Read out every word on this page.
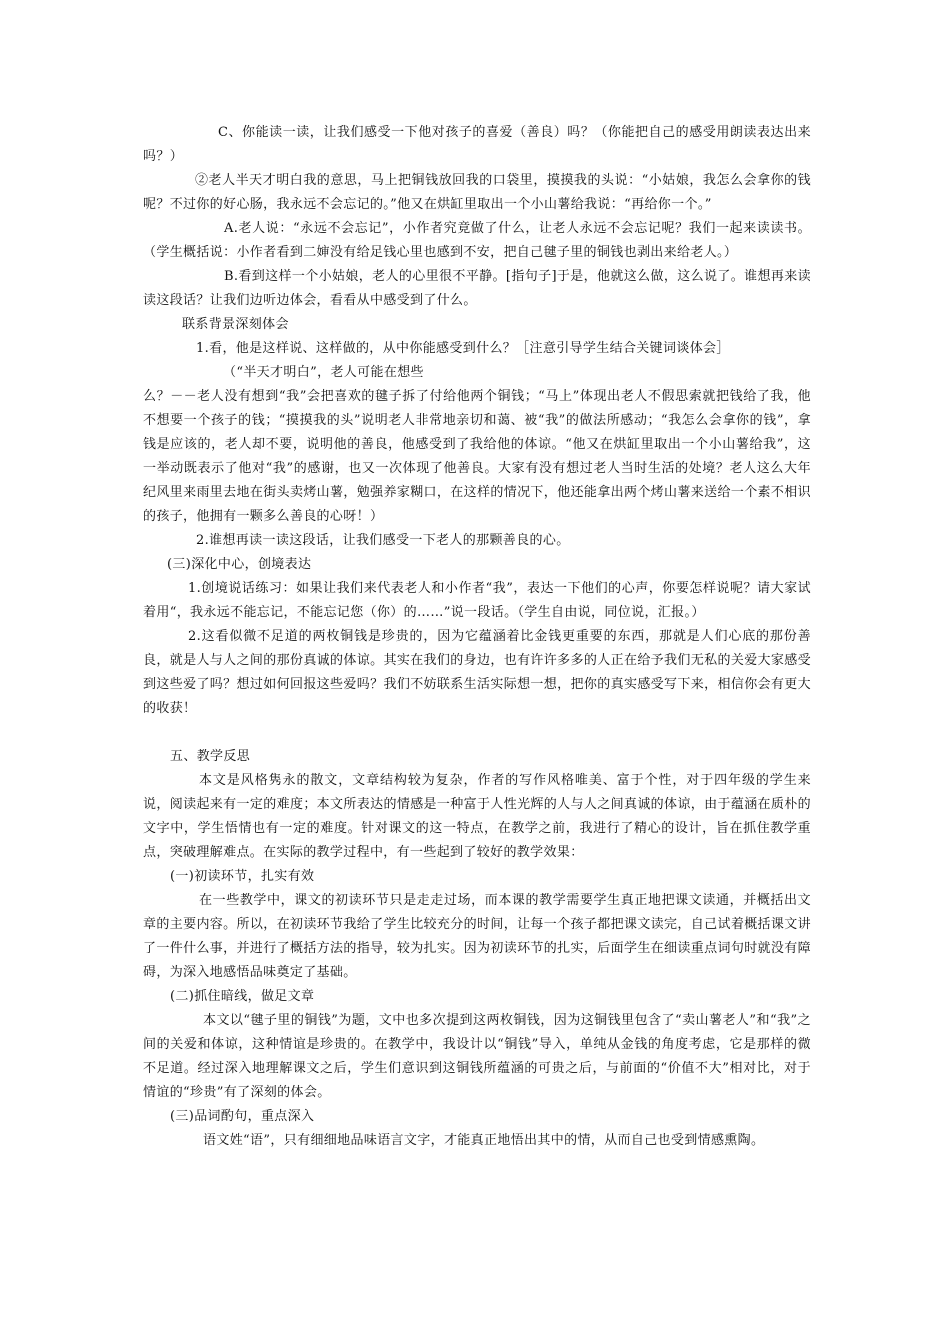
C、你能读一读，让我们感受一下他对孩子的喜爱（善良）吗？（你能把自己的感受用朗读表达出来吗？）

②老人半天才明白我的意思，马上把铜钱放回我的口袋里，摸摸我的头说：“小姑娘，我怎么会拿你的钱呢？不过你的好心肠，我永远不会忘记的。”他又在烘缸里取出一个小山薯给我说：“再给你一个。”

A.老人说：“永远不会忘记”，小作者究竟做了什么，让老人永远不会忘记呢？我们一起来读读书。（学生概括说：小作者看到二婶没有给足钱心里也感到不安，把自己毽子里的铜钱也剥出来给老人。）

B.看到这样一个小姑娘，老人的心里很不平静。[指句子]于是，他就这么做，这么说了。谁想再来读读这段话？让我们边听边体会，看看从中感受到了什么。

联系背景深刻体会

1.看，他是这样说、这样做的，从中你能感受到什么？［注意引导学生结合关键词谈体会］

（“半天才明白”，老人可能在想些

么？－－老人没有想到“我”会把喜欢的毽子拆了付给他两个铜钱；“马上”体现出老人不假思索就把钱给了我，他不想要一个孩子的钱；“摸摸我的头”说明老人非常地亲切和蔼、被“我”的做法所感动；“我怎么会拿你的钱”，拿钱是应该的，老人却不要，说明他的善良，他感受到了我给他的体谅。“他又在烘缸里取出一个小山薯给我”，这一举动既表示了他对“我”的感谢，也又一次体现了他善良。大家有没有想过老人当时生活的处境？老人这么大年纪风里来雨里去地在街头卖烤山薯，勉强养家糊口，在这样的情况下，他还能拿出两个烤山薯来送给一个素不相识的孩子，他拥有一颗多么善良的心呀！）

2.谁想再读一读这段话，让我们感受一下老人的那颗善良的心。

(三)深化中心，创境表达

1.创境说话练习：如果让我们来代表老人和小作者“我”，表达一下他们的心声，你要怎样说呢？请大家试着用“，我永远不能忘记，不能忘记您（你）的……”说一段话。（学生自由说，同位说，汇报。）

2.这看似微不足道的两枚铜钱是珍贵的，因为它蕴涵着比金钱更重要的东西，那就是人们心底的那份善良，就是人与人之间的那份真诚的体谅。其实在我们的身边，也有许许多多的人正在给予我们无私的关爱大家感受到这些爱了吗？想过如何回报这些爱吗？我们不妨联系生活实际想一想，把你的真实感受写下来，相信你会有更大的收获！

五、教学反思

本文是风格隽永的散文，文章结构较为复杂，作者的写作风格唯美、富于个性，对于四年级的学生来说，阅读起来有一定的难度；本文所表达的情感是一种富于人性光辉的人与人之间真诚的体谅，由于蕴涵在质朴的文字中，学生悟情也有一定的难度。针对课文的这一特点，在教学之前，我进行了精心的设计，旨在抓住教学重点，突破理解难点。在实际的教学过程中，有一些起到了较好的教学效果：

(一)初读环节，扎实有效

在一些教学中，课文的初读环节只是走走过场，而本课的教学需要学生真正地把课文读通，并概括出文章的主要内容。所以，在初读环节我给了学生比较充分的时间，让每一个孩子都把课文读完，自己试着概括课文讲了一件什么事，并进行了概括方法的指导，较为扎实。因为初读环节的扎实，后面学生在细读重点词句时就没有障碍，为深入地感悟品味奠定了基础。

(二)抓住暗线，做足文章

本文以“毽子里的铜钱”为题，文中也多次提到这两枚铜钱，因为这铜钱里包含了“卖山薯老人”和“我”之间的关爱和体谅，这种情谊是珍贵的。在教学中，我设计以“铜钱”导入，单纯从金钱的角度考虑，它是那样的微不足道。经过深入地理解课文之后，学生们意识到这铜钱所蕴涵的可贵之后，与前面的“价值不大”相对比，对于情谊的“珍贵”有了深刻的体会。

(三)品词酌句，重点深入

语文姓“语”，只有细细地品味语言文字，才能真正地悟出其中的情，从而自己也受到情感熏陶。
